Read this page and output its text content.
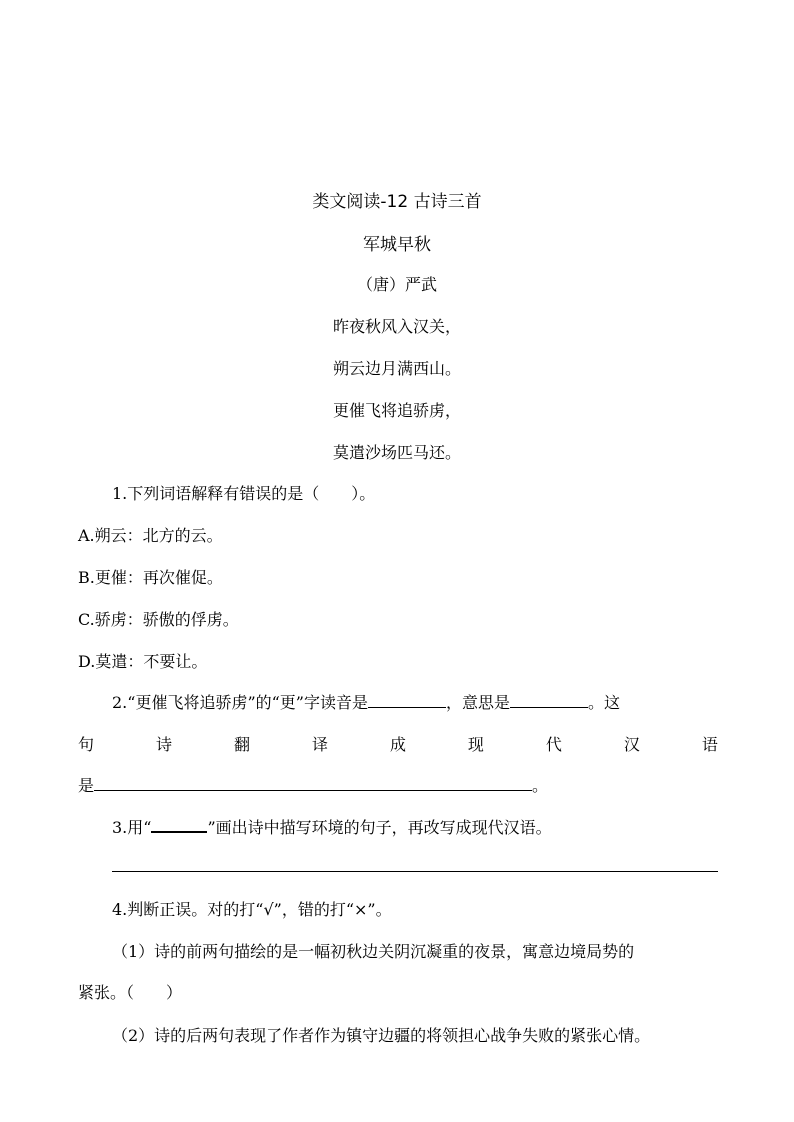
类文阅读-12 古诗三首
军城早秋
（唐）严武
昨夜秋风入汉关，
朔云边月满西山。
更催飞将追骄虏，
莫遣沙场匹马还。
1.下列词语解释有错误的是（　　）。
A.朔云：北方的云。
B.更催：再次催促。
C.骄虏：骄傲的俘虏。
D.莫遣：不要让。
2.“更催飞将追骄虏”的“更”字读音是	，意思是	。这
句	诗	翻	译	成	现	代	汉	语
是	。
3.用“	”画出诗中描写环境的句子，再改写成现代汉语。
4.判断正误。对的打“√”，错的打“×”。
（1）诗的前两句描绘的是一幅初秋边关阴沉凝重的夜景，寓意边境局势的
紧张。（　　）
（2）诗的后两句表现了作者作为镇守边疆的将领担心战争失败的紧张心情。
